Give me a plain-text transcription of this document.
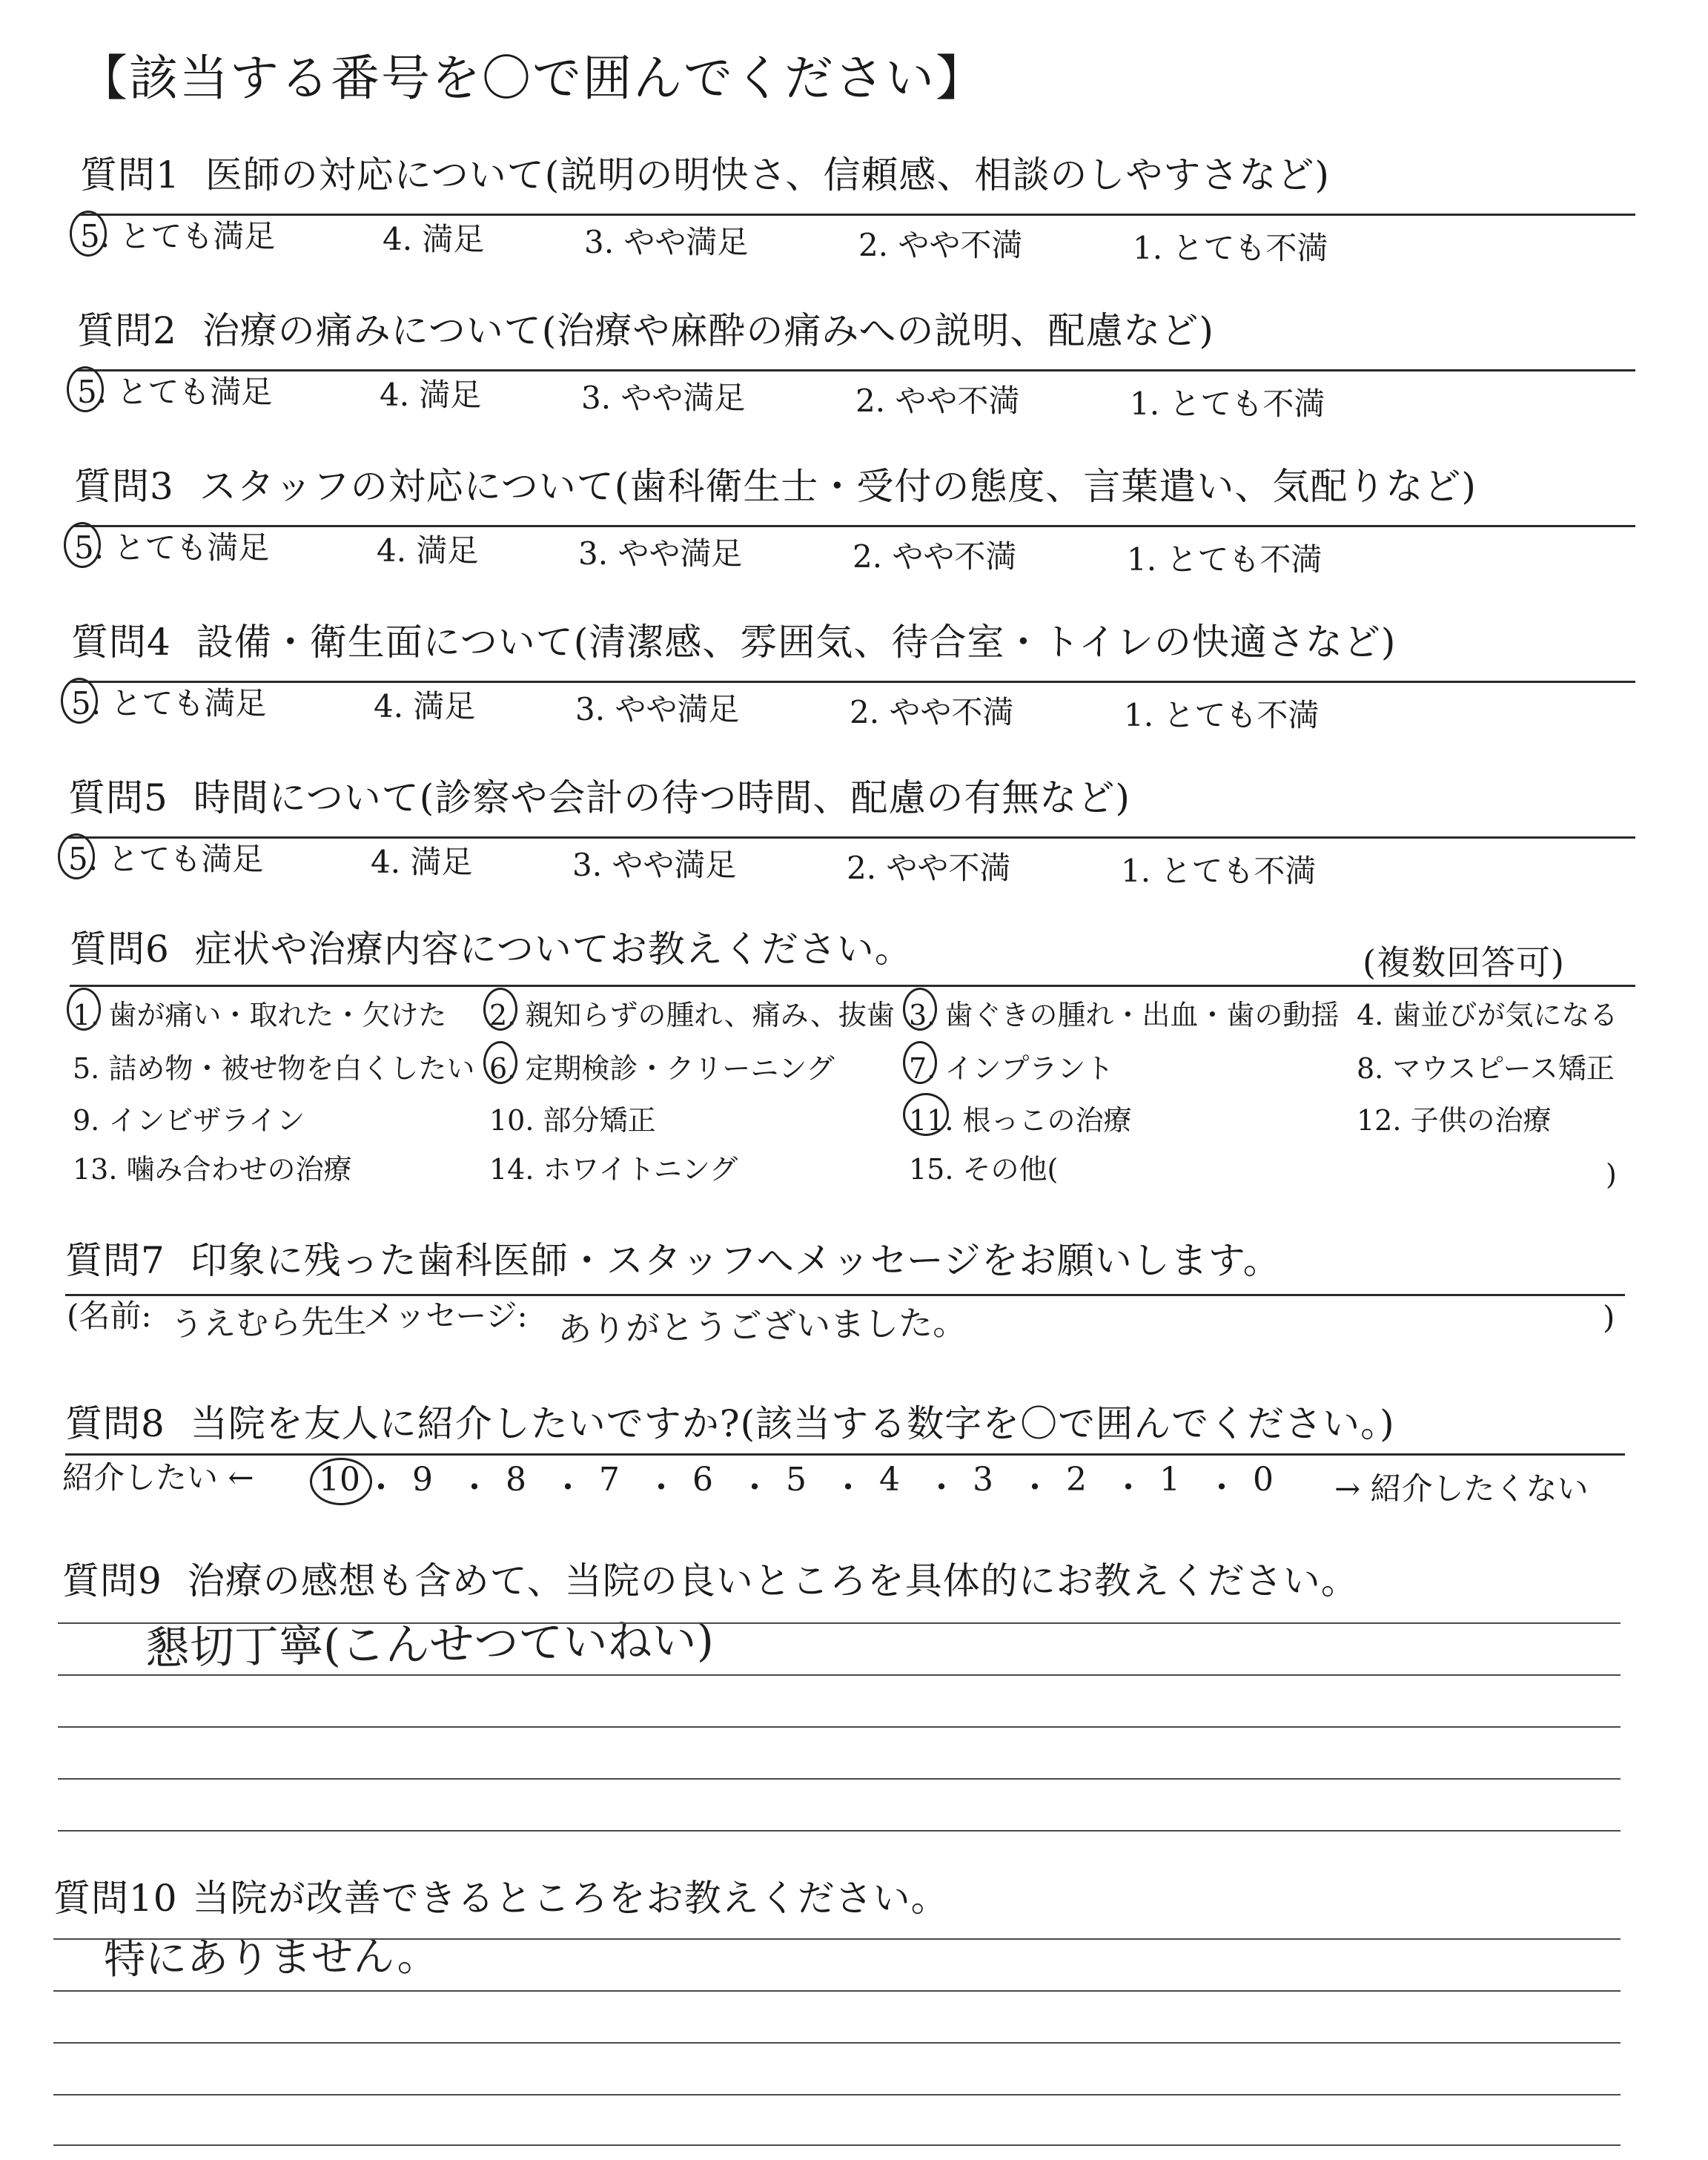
【該当する番号を〇で囲んでください】
質問1 医師の対応について(説明の明快さ、信頼感、相談のしやすさなど)
5. とても満足	4. 満足	3. やや満足	2. やや不満	1. とても不満
質問2 治療の痛みについて(治療や麻酔の痛みへの説明、配慮など)
5. とても満足	4. 満足	3. やや満足	2. やや不満	1. とても不満
質問3 スタッフの対応について(歯科衛生士・受付の態度、言葉遣い、気配りなど)
5. とても満足	4. 満足	3. やや満足	2. やや不満	1. とても不満
質問4 設備・衛生面について(清潔感、雰囲気、待合室・トイレの快適さなど)
5. とても満足	4. 満足	3. やや満足	2. やや不満	1. とても不満
質問5 時間について(診察や会計の待つ時間、配慮の有無など)
5. とても満足	4. 満足	3. やや満足	2. やや不満	1. とても不満
質問6 症状や治療内容についてお教えください。	(複数回答可)
1. 歯が痛い・取れた・欠けた 2. 親知らずの腫れ、痛み、抜歯 3. 歯ぐきの腫れ・出血・歯の動揺 4. 歯並びが気になる
5. 詰め物・被せ物を白くしたい 6. 定期検診・クリーニング	7. インプラント	8. マウスピース矯正
9. インビザライン	10. 部分矯正	11. 根っこの治療	12. 子供の治療
13. 噛み合わせの治療	14. ホワイトニング	15. その他(	)
質問7 印象に残った歯科医師・スタッフへメッセージをお願いします。
(名前: うえむら先生
メッセージ: ありがとうございました。	)
質問8 当院を友人に紹介したいですか?(該当する数字を〇で囲んでください。)
紹介したい ← 10 ・ 9 ・ 8 ・ 7 ・ 6 ・ 5 ・ 4 ・ 3 ・ 2 ・ 1 ・ 0 → 紹介したくない
質問9 治療の感想も含めて、当院の良いところを具体的にお教えください。
懇切丁寧(こんせつていねい)
質問10 当院が改善できるところをお教えください。
特にありません。
